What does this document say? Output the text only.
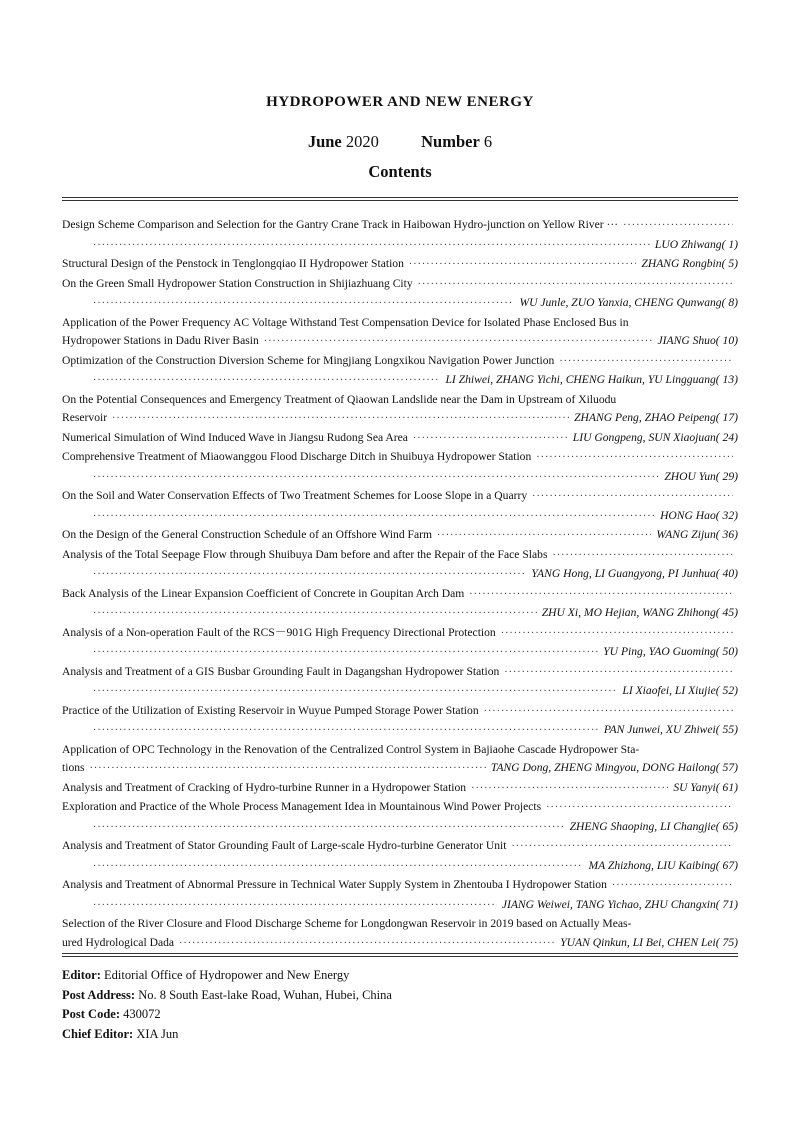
HYDROPOWER AND NEW ENERGY
June 2020	Number 6
Contents
Design Scheme Comparison and Selection for the Gantry Crane Track in Haibowan Hydro-junction on Yellow River ···
·····
·····
LUO Zhiwang( 1)
Structural Design of the Penstock in Tenglongqiao II Hydropower Station ·····	ZHANG Rongbin( 5)
On the Green Small Hydropower Station Construction in Shijiazhuang City
·····
·····
WU Junle, ZUO Yanxia, CHENG Qunwang( 8)
Application of the Power Frequency AC Voltage Withstand Test Compensation Device for Isolated Phase Enclosed Bus in
Hydropower Stations in Dadu River Basin ·····	JIANG Shuo( 10)
Optimization of the Construction Diversion Scheme for Mingjiang Longxikou Navigation Power Junction
·····
·····
LI Zhiwei, ZHANG Yichi, CHENG Haikun, YU Lingguang( 13)
On the Potential Consequences and Emergency Treatment of Qiaowan Landslide near the Dam in Upstream of Xiluodu
Reservoir ·····	ZHANG Peng, ZHAO Peipeng( 17)
Numerical Simulation of Wind Induced Wave in Jiangsu Rudong Sea Area ·····	LIU Gongpeng, SUN Xiaojuan( 24)
Comprehensive Treatment of Miaowanggou Flood Discharge Ditch in Shuibuya Hydropower Station
·····
·····
ZHOU Yun( 29)
On the Soil and Water Conservation Effects of Two Treatment Schemes for Loose Slope in a Quarry
·····
·····
HONG Hao( 32)
On the Design of the General Construction Schedule of an Offshore Wind Farm ·····	WANG Zijun( 36)
Analysis of the Total Seepage Flow through Shuibuya Dam before and after the Repair of the Face Slabs
·····
·····
YANG Hong, LI Guangyong, PI Junhua( 40)
Back Analysis of the Linear Expansion Coefficient of Concrete in Goupitan Arch Dam
·····
·····
ZHU Xi, MO Hejian, WANG Zhihong( 45)
Analysis of a Non-operation Fault of the RCS－901G High Frequency Directional Protection
·····
·····
YU Ping, YAO Guoming( 50)
Analysis and Treatment of a GIS Busbar Grounding Fault in Dagangshan Hydropower Station
·····
·····
LI Xiaofei, LI Xiujie( 52)
Practice of the Utilization of Existing Reservoir in Wuyue Pumped Storage Power Station
·····
·····
PAN Junwei, XU Zhiwei( 55)
Application of OPC Technology in the Renovation of the Centralized Control System in Bajiaohe Cascade Hydropower Sta-
tions ·····	TANG Dong, ZHENG Mingyou, DONG Hailong( 57)
Analysis and Treatment of Cracking of Hydro-turbine Runner in a Hydropower Station ·····	SU Yanyi( 61)
Exploration and Practice of the Whole Process Management Idea in Mountainous Wind Power Projects
·····
·····
ZHENG Shaoping, LI Changjie( 65)
Analysis and Treatment of Stator Grounding Fault of Large-scale Hydro-turbine Generator Unit
·····
·····
MA Zhizhong, LIU Kaibing( 67)
Analysis and Treatment of Abnormal Pressure in Technical Water Supply System in Zhentouba I Hydropower Station
·····
·····
JIANG Weiwei, TANG Yichao, ZHU Changxin( 71)
Selection of the River Closure and Flood Discharge Scheme for Longdongwan Reservoir in 2019 based on Actually Meas-
ured Hydrological Dada ·····	YUAN Qinkun, LI Bei, CHEN Lei( 75)
Editor: Editorial Office of Hydropower and New Energy
Post Address: No. 8 South East-lake Road, Wuhan, Hubei, China
Post Code: 430072
Chief Editor: XIA Jun
